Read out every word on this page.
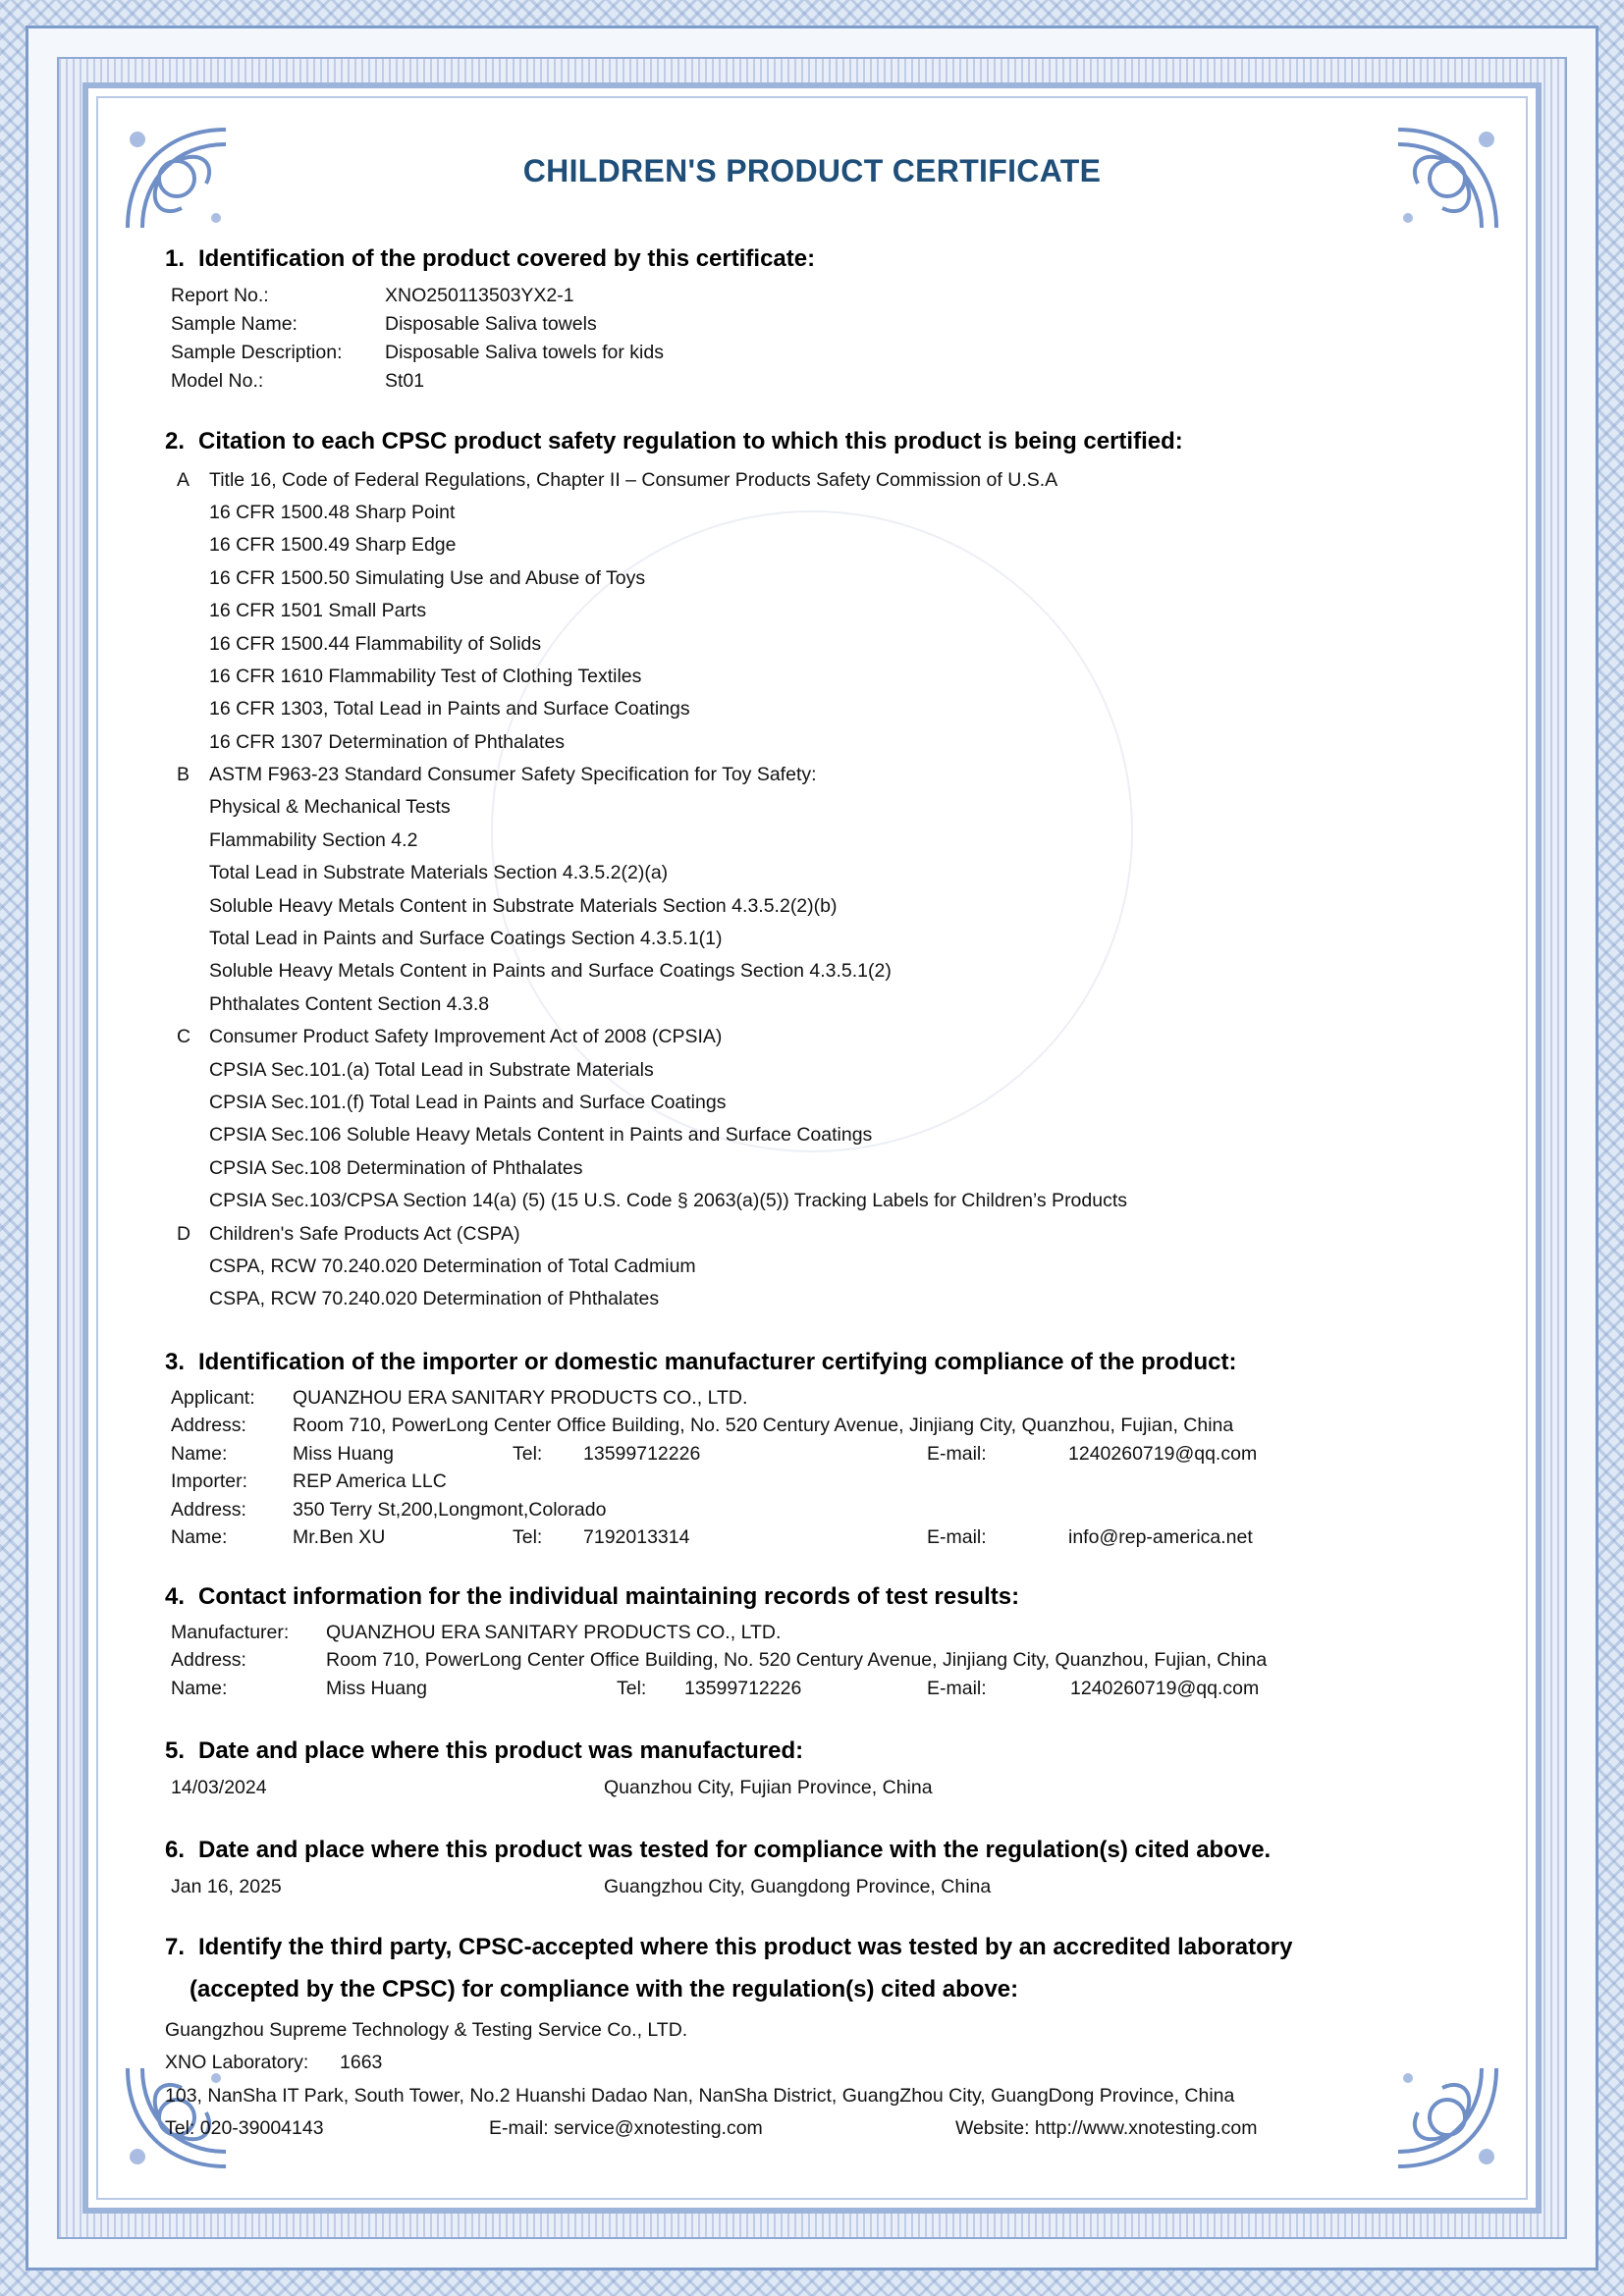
CHILDREN'S PRODUCT CERTIFICATE
1. Identification of the product covered by this certificate:
Report No.:	XNO250113503YX2-1
Sample Name:	Disposable Saliva towels
Sample Description: Disposable Saliva towels for kids
Model No.:	St01
2. Citation to each CPSC product safety regulation to which this product is being certified:
A Title 16, Code of Federal Regulations, Chapter II – Consumer Products Safety Commission of U.S.A
16 CFR 1500.48 Sharp Point
16 CFR 1500.49 Sharp Edge
16 CFR 1500.50 Simulating Use and Abuse of Toys
16 CFR 1501 Small Parts
16 CFR 1500.44 Flammability of Solids
16 CFR 1610 Flammability Test of Clothing Textiles
16 CFR 1303, Total Lead in Paints and Surface Coatings
16 CFR 1307 Determination of Phthalates
B ASTM F963-23 Standard Consumer Safety Specification for Toy Safety:
Physical & Mechanical Tests
Flammability Section 4.2
Total Lead in Substrate Materials Section 4.3.5.2(2)(a)
Soluble Heavy Metals Content in Substrate Materials Section 4.3.5.2(2)(b)
Total Lead in Paints and Surface Coatings Section 4.3.5.1(1)
Soluble Heavy Metals Content in Paints and Surface Coatings Section 4.3.5.1(2)
Phthalates Content Section 4.3.8
C Consumer Product Safety Improvement Act of 2008 (CPSIA)
CPSIA Sec.101.(a) Total Lead in Substrate Materials
CPSIA Sec.101.(f) Total Lead in Paints and Surface Coatings
CPSIA Sec.106 Soluble Heavy Metals Content in Paints and Surface Coatings
CPSIA Sec.108 Determination of Phthalates
CPSIA Sec.103/CPSA Section 14(a) (5) (15 U.S. Code § 2063(a)(5)) Tracking Labels for Children’s Products
D Children's Safe Products Act (CSPA)
CSPA, RCW 70.240.020 Determination of Total Cadmium
CSPA, RCW 70.240.020 Determination of Phthalates
3. Identification of the importer or domestic manufacturer certifying compliance of the product:
Applicant: QUANZHOU ERA SANITARY PRODUCTS CO., LTD.
Address: Room 710, PowerLong Center Office Building, No. 520 Century Avenue, Jinjiang City, Quanzhou, Fujian, China
Name:	Miss Huang	Tel: 13599712226	E-mail:	1240260719@qq.com
Importer: REP America LLC
Address: 350 Terry St,200,Longmont,Colorado
Name:	Mr.Ben XU	Tel: 7192013314	E-mail:	info@rep-america.net
4. Contact information for the individual maintaining records of test results:
Manufacturer: QUANZHOU ERA SANITARY PRODUCTS CO., LTD.
Address:	Room 710, PowerLong Center Office Building, No. 520 Century Avenue, Jinjiang City, Quanzhou, Fujian, China
Name:	Miss Huang	Tel: 13599712226	E-mail:	1240260719@qq.com
5. Date and place where this product was manufactured:
14/03/2024	Quanzhou City, Fujian Province, China
6. Date and place where this product was tested for compliance with the regulation(s) cited above.
Jan 16, 2025	Guangzhou City, Guangdong Province, China
7. Identify the third party, CPSC-accepted where this product was tested by an accredited laboratory
(accepted by the CPSC) for compliance with the regulation(s) cited above:
Guangzhou Supreme Technology & Testing Service Co., LTD.
XNO Laboratory: 1663
103, NanSha IT Park, South Tower, No.2 Huanshi Dadao Nan, NanSha District, GuangZhou City, GuangDong Province, China
Tel: 020-39004143	E-mail: service@xnotesting.com	Website: http://www.xnotesting.com
